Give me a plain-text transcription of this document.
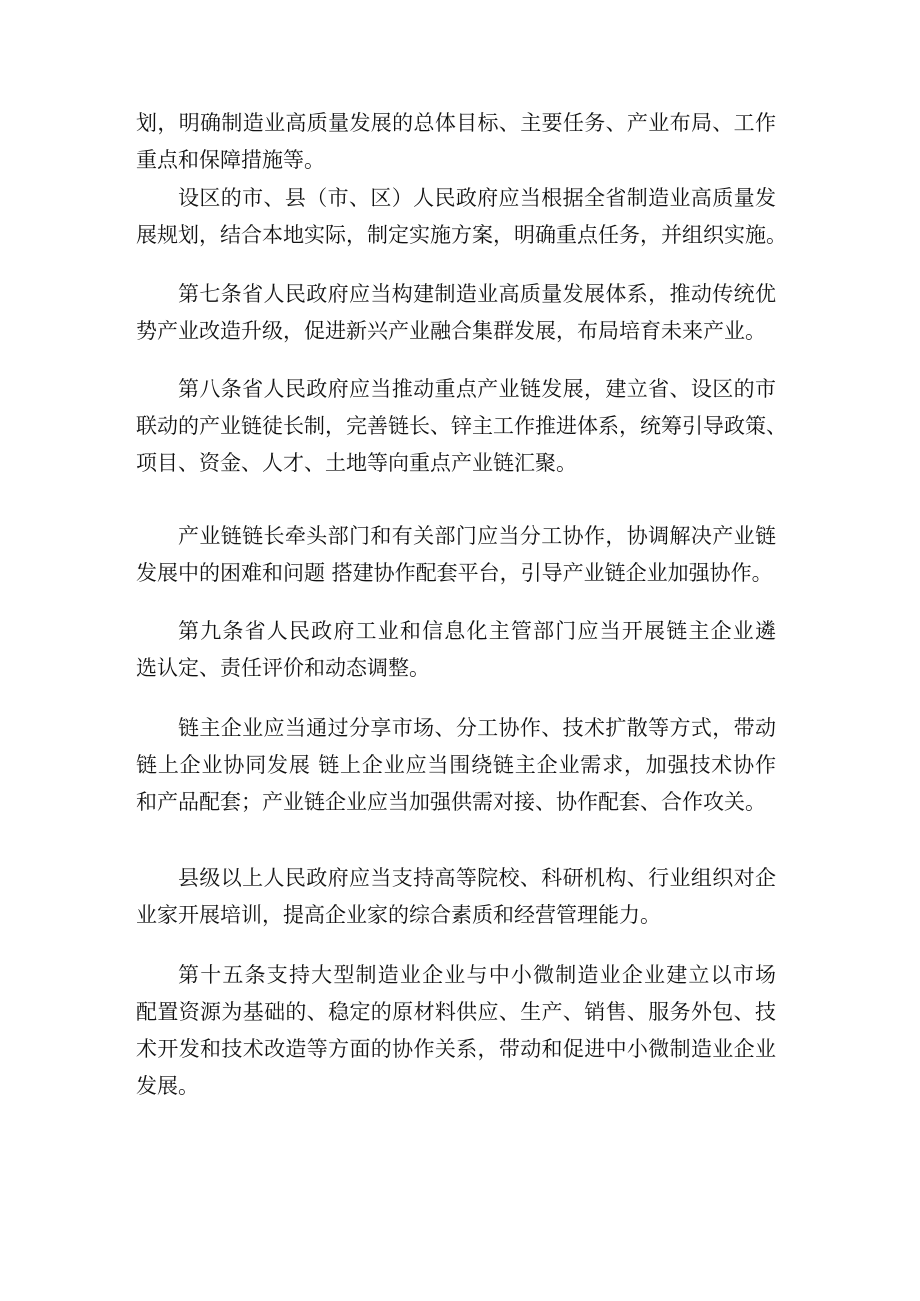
划，明确制造业高质量发展的总体目标、主要任务、产业布局、工作
重点和保障措施等。

设区的市、县（市、区）人民政府应当根据全省制造业高质量发
展规划，结合本地实际，制定实施方案，明确重点任务，并组织实施。

第七条省人民政府应当构建制造业高质量发展体系，推动传统优
势产业改造升级，促进新兴产业融合集群发展，布局培育未来产业。

第八条省人民政府应当推动重点产业链发展，建立省、设区的市
联动的产业链徒长制，完善链长、锌主工作推进体系，统筹引导政策、
项目、资金、人才、土地等向重点产业链汇聚。

产业链链长牵头部门和有关部门应当分工协作，协调解决产业链
发展中的困难和问题 搭建协作配套平台，引导产业链企业加强协作。

第九条省人民政府工业和信息化主管部门应当开展链主企业遴
选认定、责任评价和动态调整。

链主企业应当通过分享市场、分工协作、技术扩散等方式，带动
链上企业协同发展 链上企业应当围绕链主企业需求，加强技术协作
和产品配套；产业链企业应当加强供需对接、协作配套、合作攻关。

县级以上人民政府应当支持高等院校、科研机构、行业组织对企
业家开展培训，提高企业家的综合素质和经营管理能力。

第十五条支持大型制造业企业与中小微制造业企业建立以市场
配置资源为基础的、稳定的原材料供应、生产、销售、服务外包、技
术开发和技术改造等方面的协作关系，带动和促进中小微制造业企业
发展。
